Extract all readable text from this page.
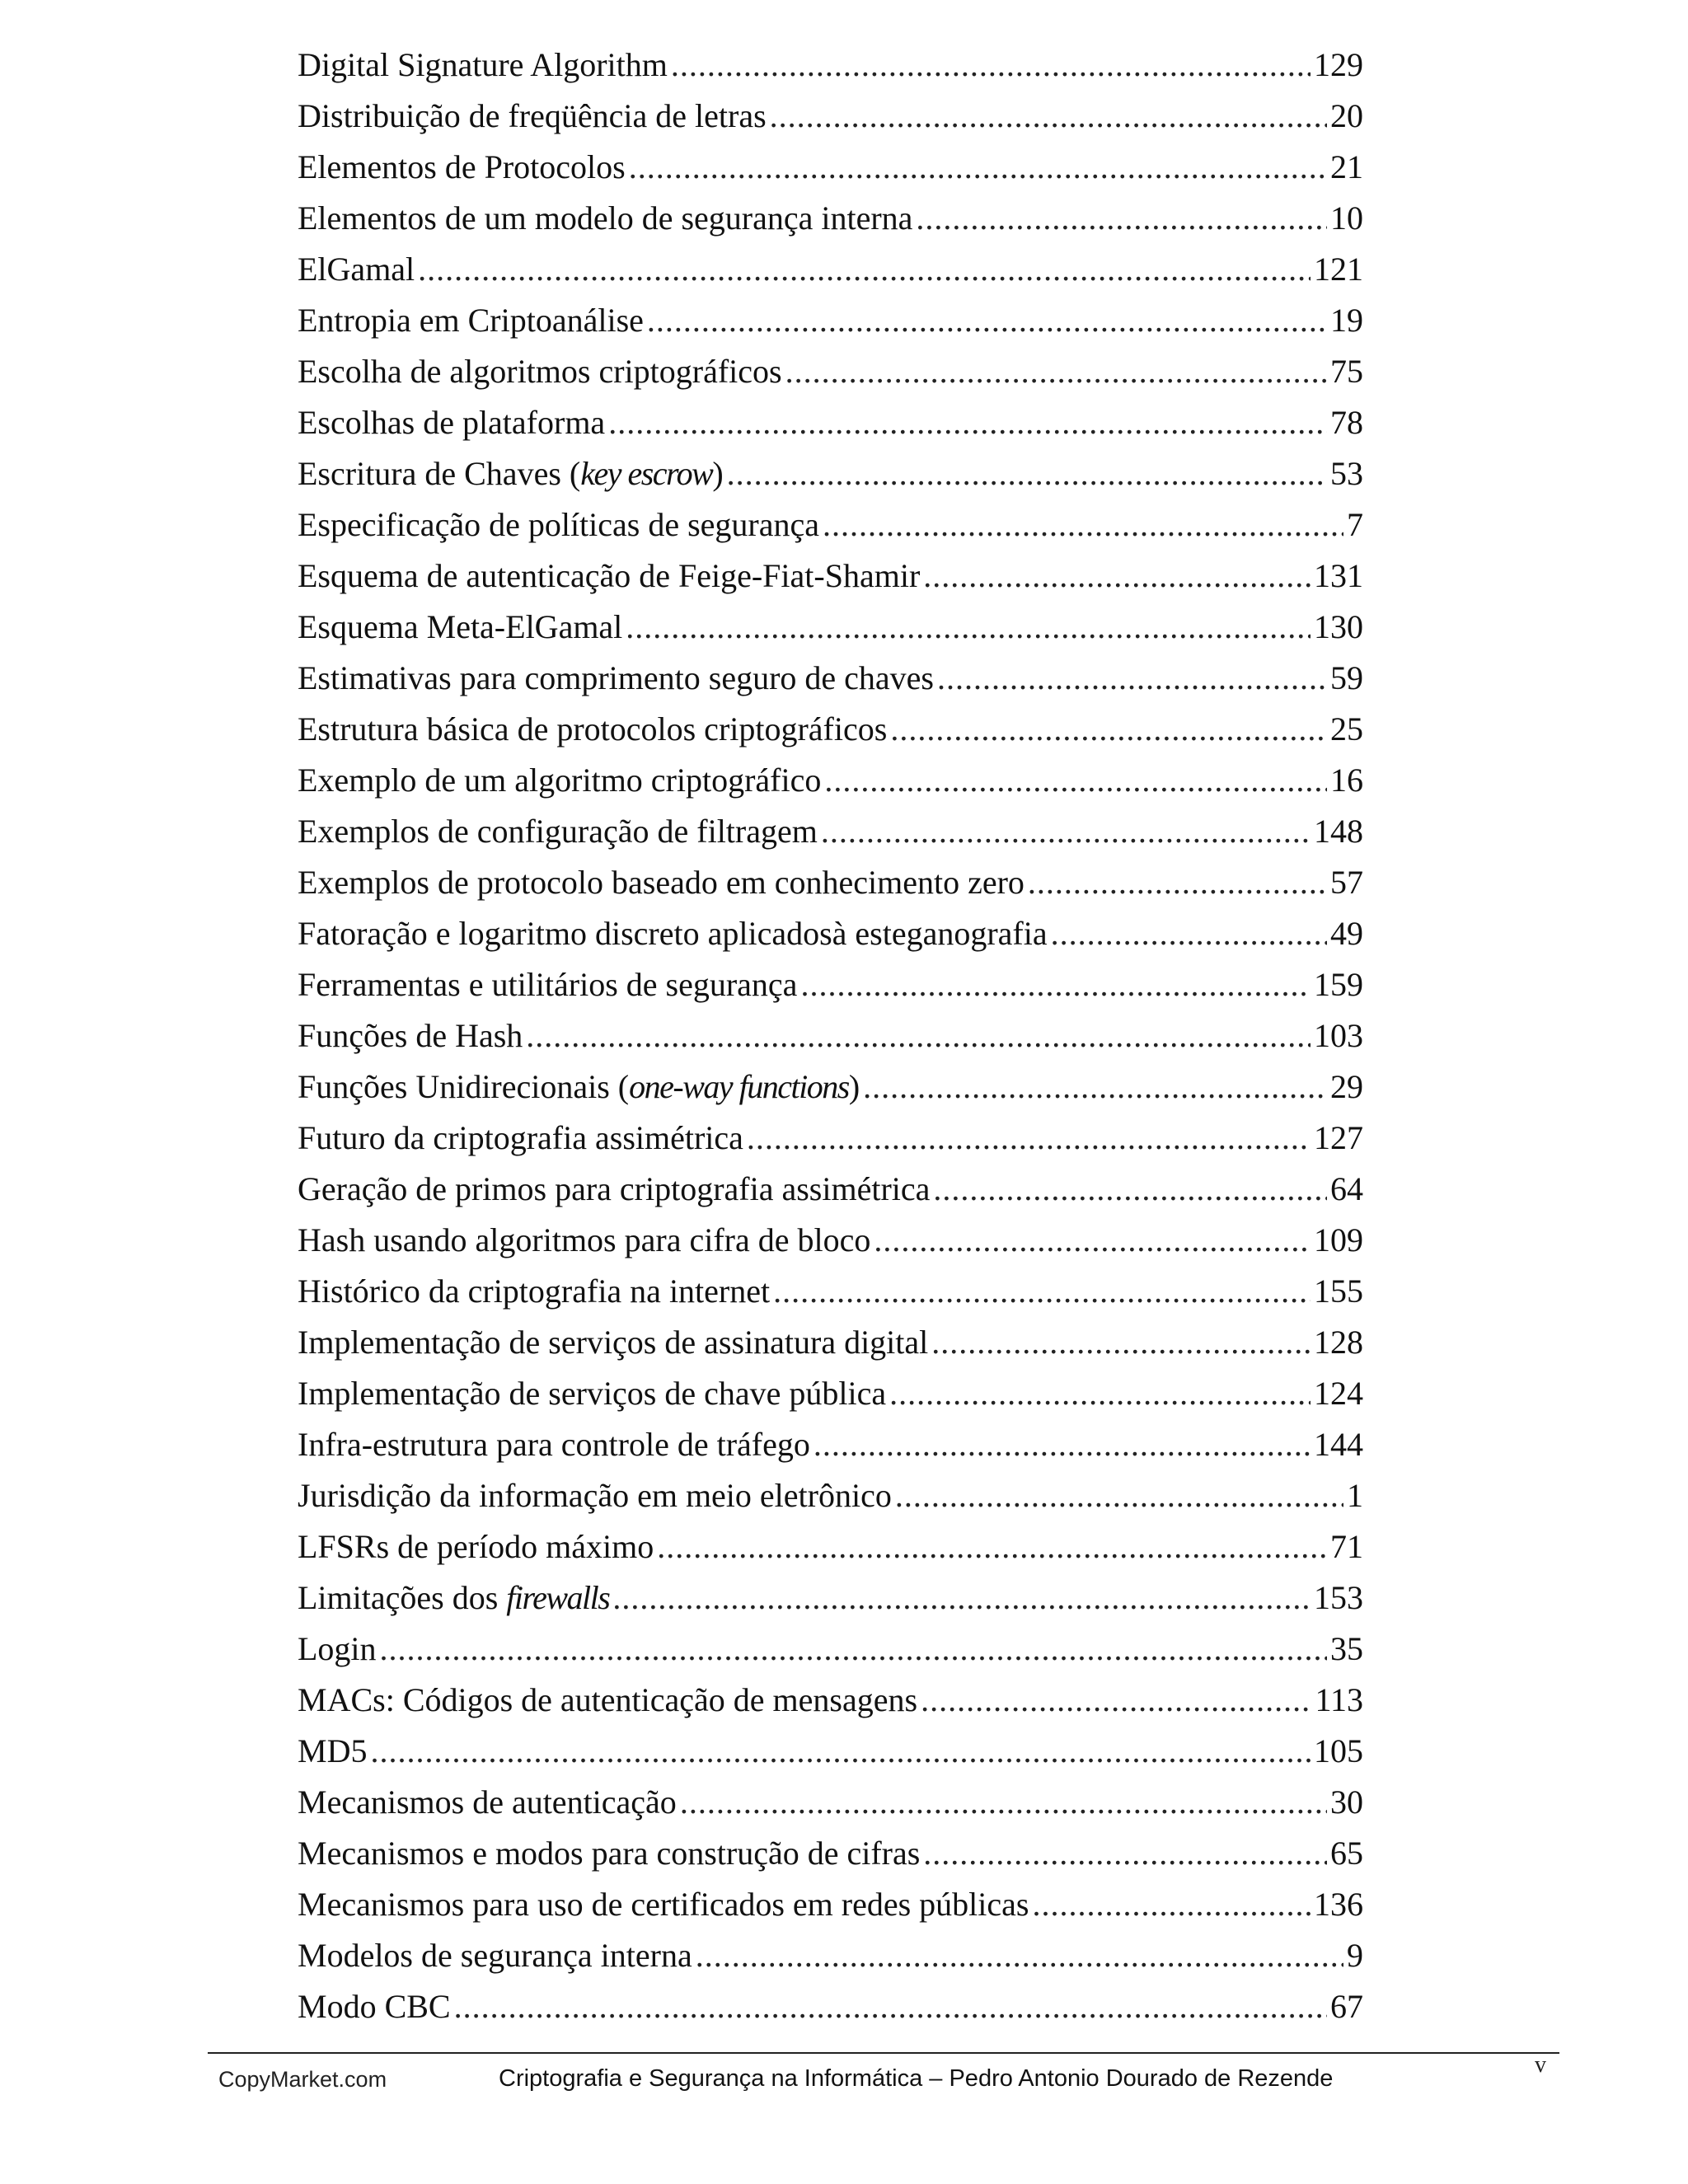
Digital Signature Algorithm .....	129
Distribuição de freqüência de letras .....	20
Elementos de Protocolos .....	21
Elementos de um modelo de segurança interna .....	10
ElGamal .....	121
Entropia em Criptoanálise .....	19
Escolha de algoritmos criptográficos .....	75
Escolhas de plataforma .....	78
Escritura de Chaves (key escrow) .....	53
Especificação de políticas de segurança .....	7
Esquema de autenticação de Feige-Fiat-Shamir .....	131
Esquema Meta-ElGamal .....	130
Estimativas para comprimento seguro de chaves .....	59
Estrutura básica de protocolos criptográficos .....	25
Exemplo de um algoritmo criptográfico .....	16
Exemplos de configuração de filtragem .....	148
Exemplos de protocolo baseado em conhecimento zero .....	57
Fatoração e logaritmo discreto aplicadosà esteganografia .....	49
Ferramentas e utilitários de segurança .....	159
Funções de Hash .....	103
Funções Unidirecionais (one-way functions) .....	29
Futuro da criptografia assimétrica .....	127
Geração de primos para criptografia assimétrica .....	64
Hash usando algoritmos para cifra de bloco .....	109
Histórico da criptografia na internet .....	155
Implementação de serviços de assinatura digital .....	128
Implementação de serviços de chave pública .....	124
Infra-estrutura para controle de tráfego .....	144
Jurisdição da informação em meio eletrônico .....	1
LFSRs de período máximo .....	71
Limitações dos firewalls .....	153
Login .....	35
MACs: Códigos de autenticação de mensagens .....	113
MD5 .....	105
Mecanismos de autenticação .....	30
Mecanismos e modos para construção de cifras .....	65
Mecanismos para uso de certificados em redes públicas .....	136
Modelos de segurança interna .....	9
Modo CBC .....	67
CopyMarket.com	Criptografia e Segurança na Informática – Pedro Antonio Dourado de Rezende
v
